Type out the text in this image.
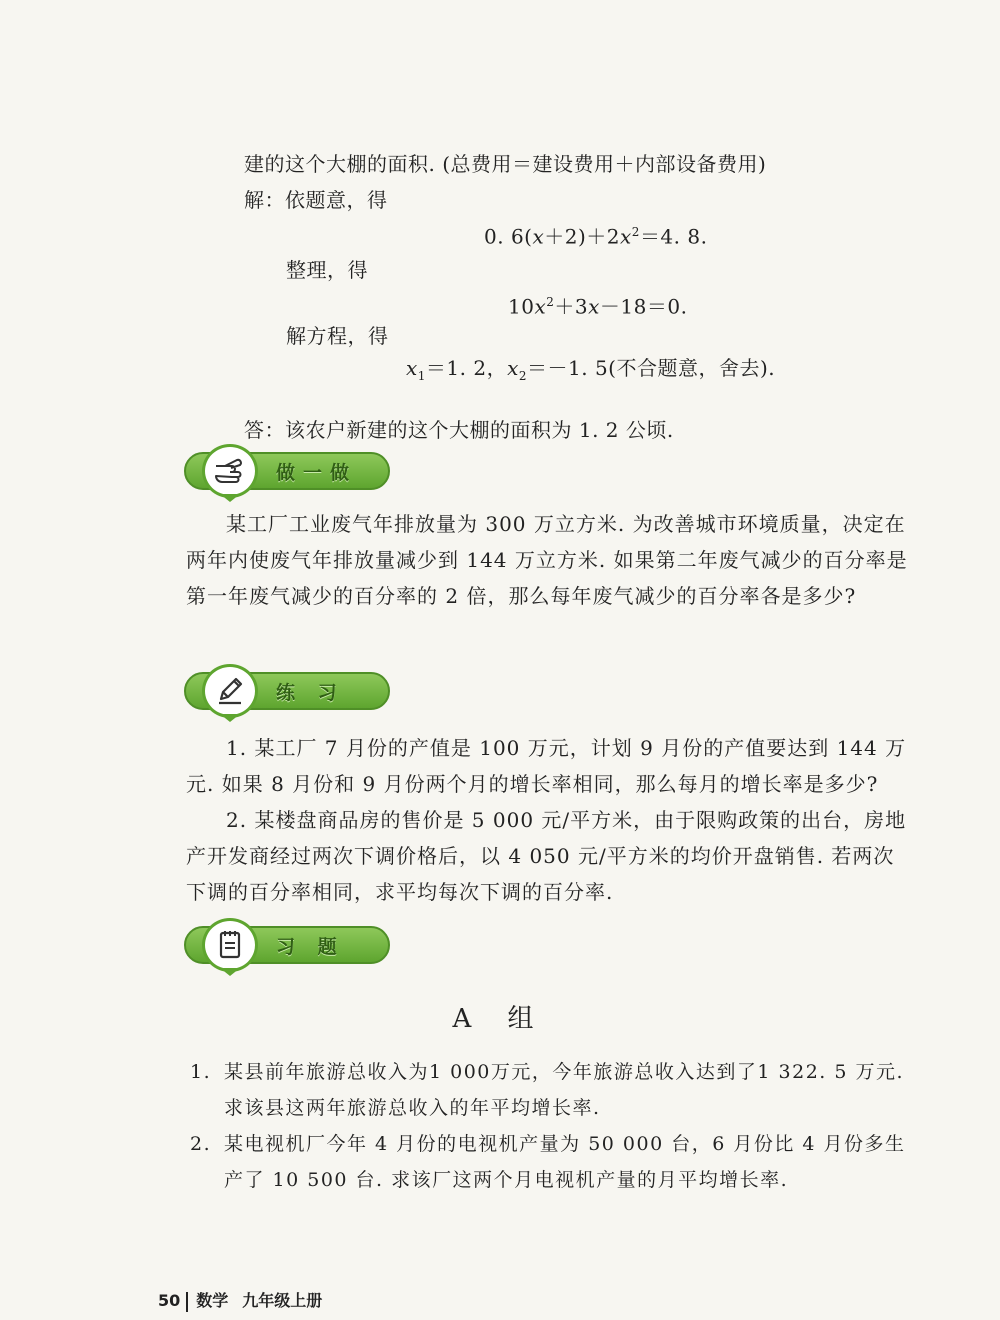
建的这个大棚的面积. (总费用＝建设费用＋内部设备费用)
解：依题意，得
0. $6(x+2)+2x^2=4$. 8.
整理，得
$10x^2+3x-18=0$.
解方程，得
$x_1=1$. 2，$x_2=-1$. 5(不合题意，舍去).
答：该农户新建的这个大棚的面积为 1. 2 公顷.
做一做
某工厂工业废气年排放量为 300 万立方米. 为改善城市环境质量，决定在两年内使废气年排放量减少到 144 万立方米. 如果第二年废气减少的百分率是第一年废气减少的百分率的 2 倍，那么每年废气减少的百分率各是多少?
练 习

1. 某工厂 7 月份的产值是 100 万元，计划 9 月份的产值要达到 144 万元. 如果 8 月份和 9 月份两个月的增长率相同，那么每月的增长率是多少?

2. 某楼盘商品房的售价是 5 000 元/平方米，由于限购政策的出台，房地产开发商经过两次下调价格后，以 4 050 元/平方米的均价开盘销售. 若两次下调的百分率相同，求平均每次下调的百分率.

习 题
A 组
1. 某县前年旅游总收入为1 000万元，今年旅游总收入达到了1 322. 5 万元. 求该县这两年旅游总收入的年平均增长率.
2. 某电视机厂今年 4 月份的电视机产量为 50 000 台，6 月份比 4 月份多生产了 10 500 台. 求该厂这两个月电视机产量的月平均增长率.
50 数学 九年级上册
